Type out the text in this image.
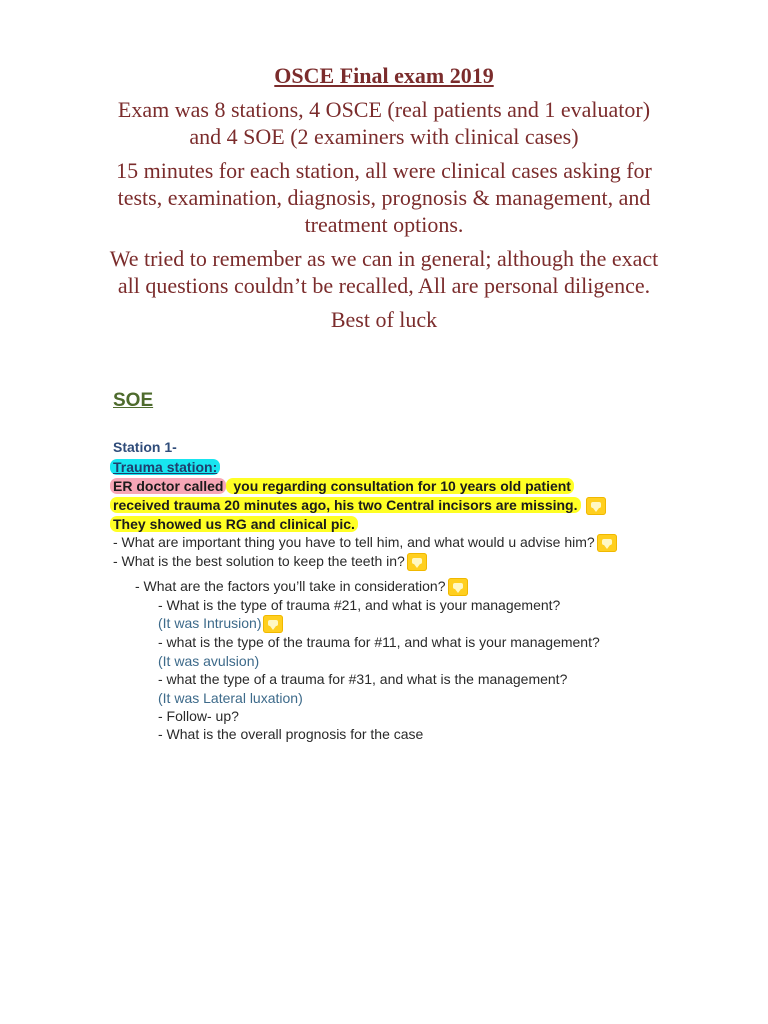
OSCE Final exam 2019

Exam was 8 stations, 4 OSCE (real patients and 1 evaluator) and 4 SOE (2 examiners with clinical cases)

15 minutes for each station, all were clinical cases asking for tests, examination, diagnosis, prognosis & management, and treatment options.

We tried to remember as we can in general; although the exact all questions couldn’t be recalled, All are personal diligence.

Best of luck

SOE
Station 1-
Trauma station:
ER doctor called you regarding consultation for 10 years old patient
received trauma 20 minutes ago, his two Central incisors are missing.
They showed us RG and clinical pic.
- What are important thing you have to tell him, and what would u advise him?
- What is the best solution to keep the teeth in?
- What are the factors you’ll take in consideration?
- What is the type of trauma #21, and what is your management?
(It was Intrusion)
- what is the type of the trauma for #11, and what is your management?
(It was avulsion)
- what the type of a trauma for #31, and what is the management?
(It was Lateral luxation)
- Follow- up?
- What is the overall prognosis for the case
